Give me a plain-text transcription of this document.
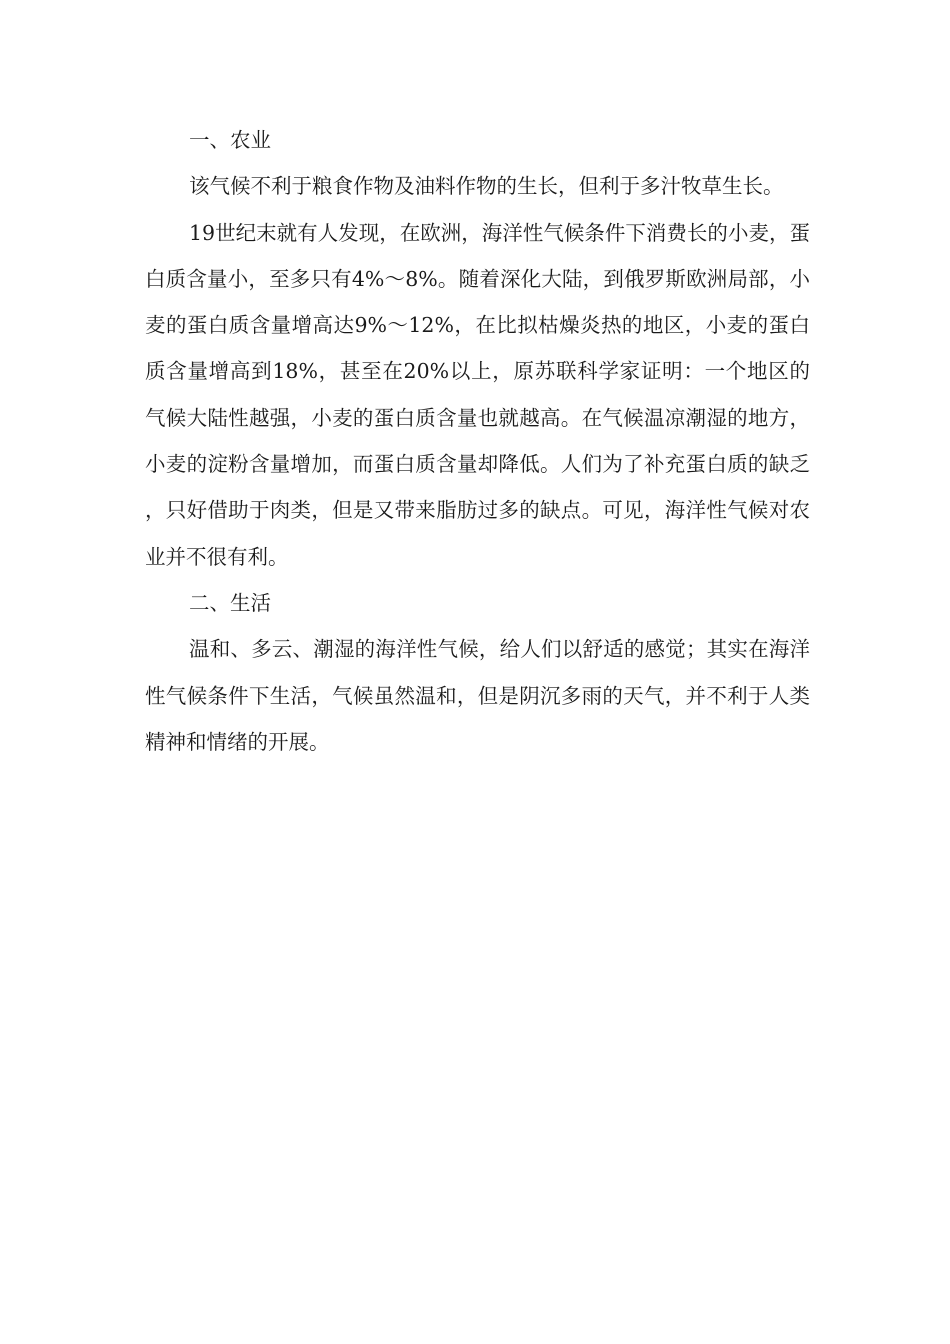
一、农业

该气候不利于粮食作物及油料作物的生长，但利于多汁牧草生长。

19世纪末就有人发现，在欧洲，海洋性气候条件下消费长的小麦，蛋白质含量小，至多只有4%～8%。随着深化大陆，到俄罗斯欧洲局部，小麦的蛋白质含量增高达9%～12%，在比拟枯燥炎热的地区，小麦的蛋白质含量增高到18%，甚至在20%以上，原苏联科学家证明：一个地区的气候大陆性越强，小麦的蛋白质含量也就越高。在气候温凉潮湿的地方，小麦的淀粉含量增加，而蛋白质含量却降低。人们为了补充蛋白质的缺乏，只好借助于肉类，但是又带来脂肪过多的缺点。可见，海洋性气候对农业并不很有利。

二、生活

温和、多云、潮湿的海洋性气候，给人们以舒适的感觉；其实在海洋性气候条件下生活，气候虽然温和，但是阴沉多雨的天气，并不利于人类精神和情绪的开展。
